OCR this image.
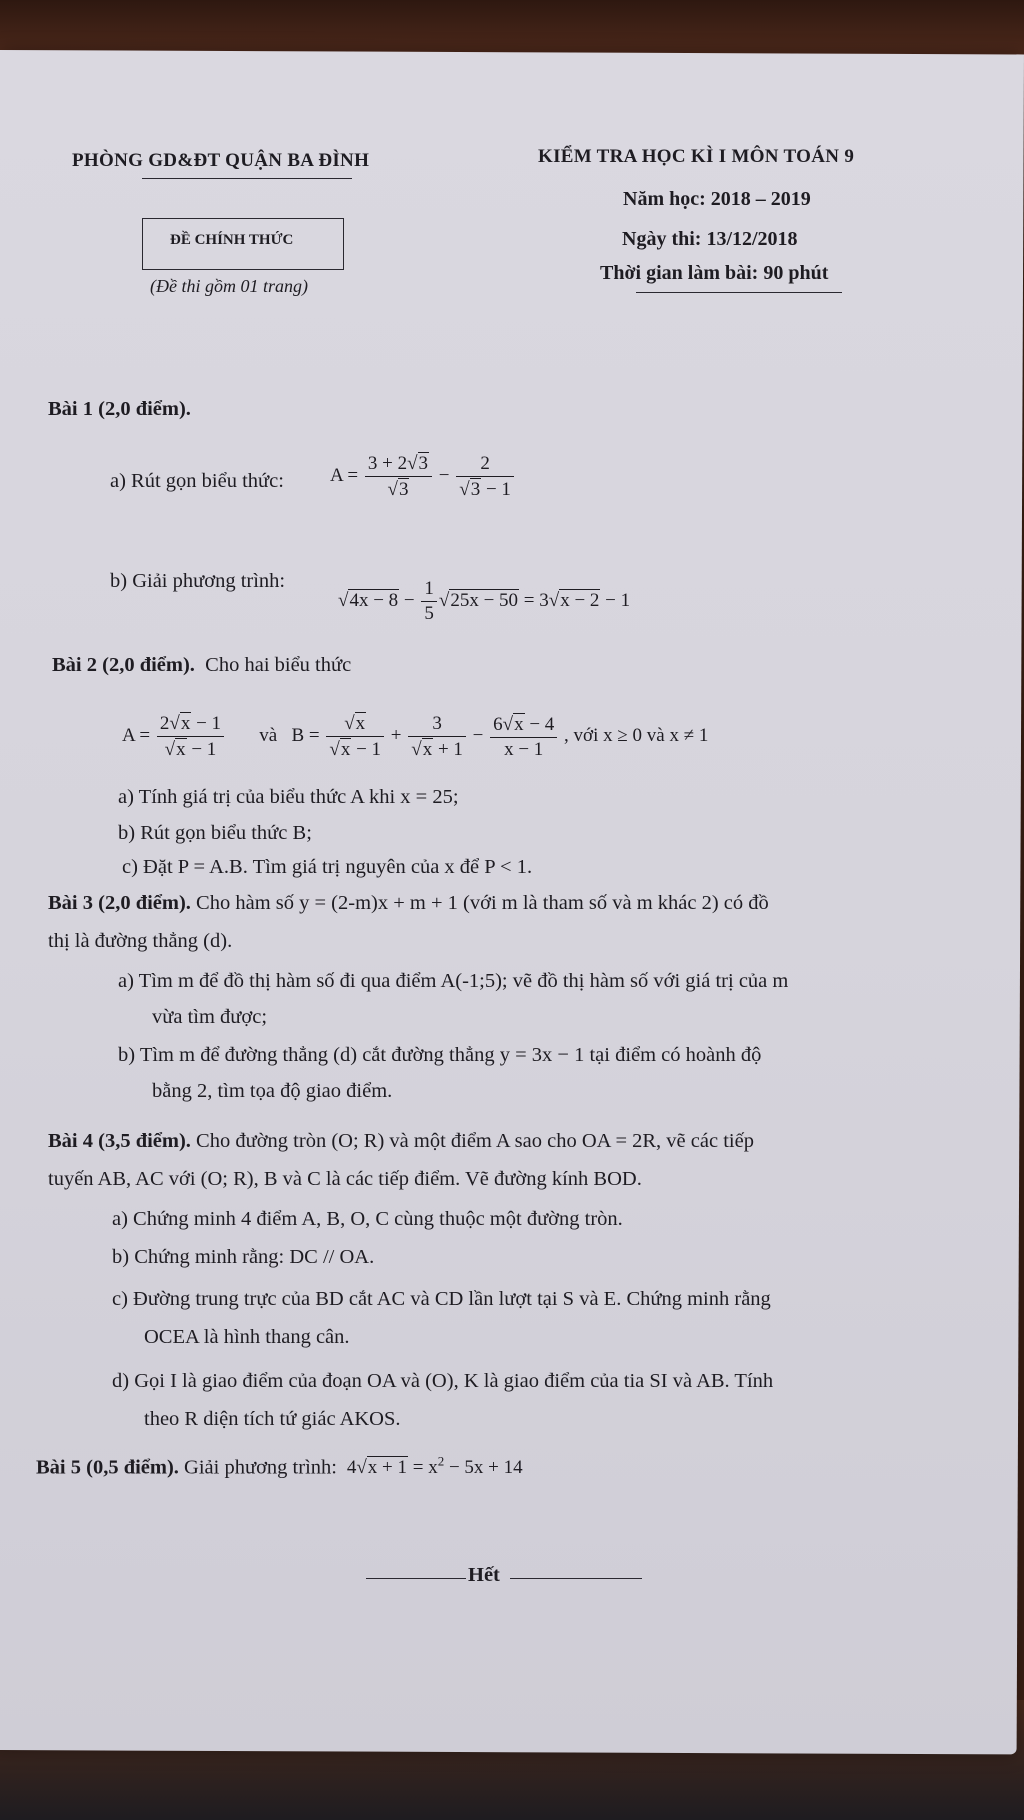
PHÒNG GD&ĐT QUẬN BA ĐÌNH	KIỂM TRA HỌC KÌ I MÔN TOÁN 9
Năm học: 2018 – 2019
Ngày thi: 13/12/2018
Thời gian làm bài: 90 phút
ĐỀ CHÍNH THỨC
(Đề thi gồm 01 trang)
Bài 1 (2,0 điểm).
a) Rút gọn biểu thức: $A = \frac{3 + 2√3}{√3} - \frac{2}{√3 - 1}$
b) Giải phương trình:
$√4x - 8 - \frac{1}{5} √25x - 50 = 3√x - 2 - 1$
Bài 2 (2,0 điểm). Cho hai biểu thức
$A = \frac{2√x - 1}{√x - 1}$ và $B = \frac{√x}{√x - 1} + \frac{3}{√x + 1} - \frac{6√x - 4}{x - 1}$ , với x ≥ 0 và x ≠ 1
a) Tính giá trị của biểu thức A khi x = 25;
b) Rút gọn biểu thức B;
c) Đặt P = A.B. Tìm giá trị nguyên của x để P < 1.
Bài 3 (2,0 điểm). Cho hàm số y = (2-m)x + m + 1 (với m là tham số và m khác 2) có đồ
thị là đường thẳng (d).
a) Tìm m để đồ thị hàm số đi qua điểm A(-1;5); vẽ đồ thị hàm số với giá trị của m
vừa tìm được;
b) Tìm m để đường thẳng (d) cắt đường thẳng y = 3x − 1 tại điểm có hoành độ
bằng 2, tìm tọa độ giao điểm.
Bài 4 (3,5 điểm). Cho đường tròn (O; R) và một điểm A sao cho OA = 2R, vẽ các tiếp
tuyến AB, AC với (O; R), B và C là các tiếp điểm. Vẽ đường kính BOD.
a) Chứng minh 4 điểm A, B, O, C cùng thuộc một đường tròn.
b) Chứng minh rằng: DC // OA.
c) Đường trung trực của BD cắt AC và CD lần lượt tại S và E. Chứng minh rằng
OCEA là hình thang cân.
d) Gọi I là giao điểm của đoạn OA và (O), K là giao điểm của tia SI và AB. Tính
theo R diện tích tứ giác AKOS.
Bài 5 (0,5 điểm). Giải phương trình: $4√x + 1 = x^2 - 5x + 14$
Hết
